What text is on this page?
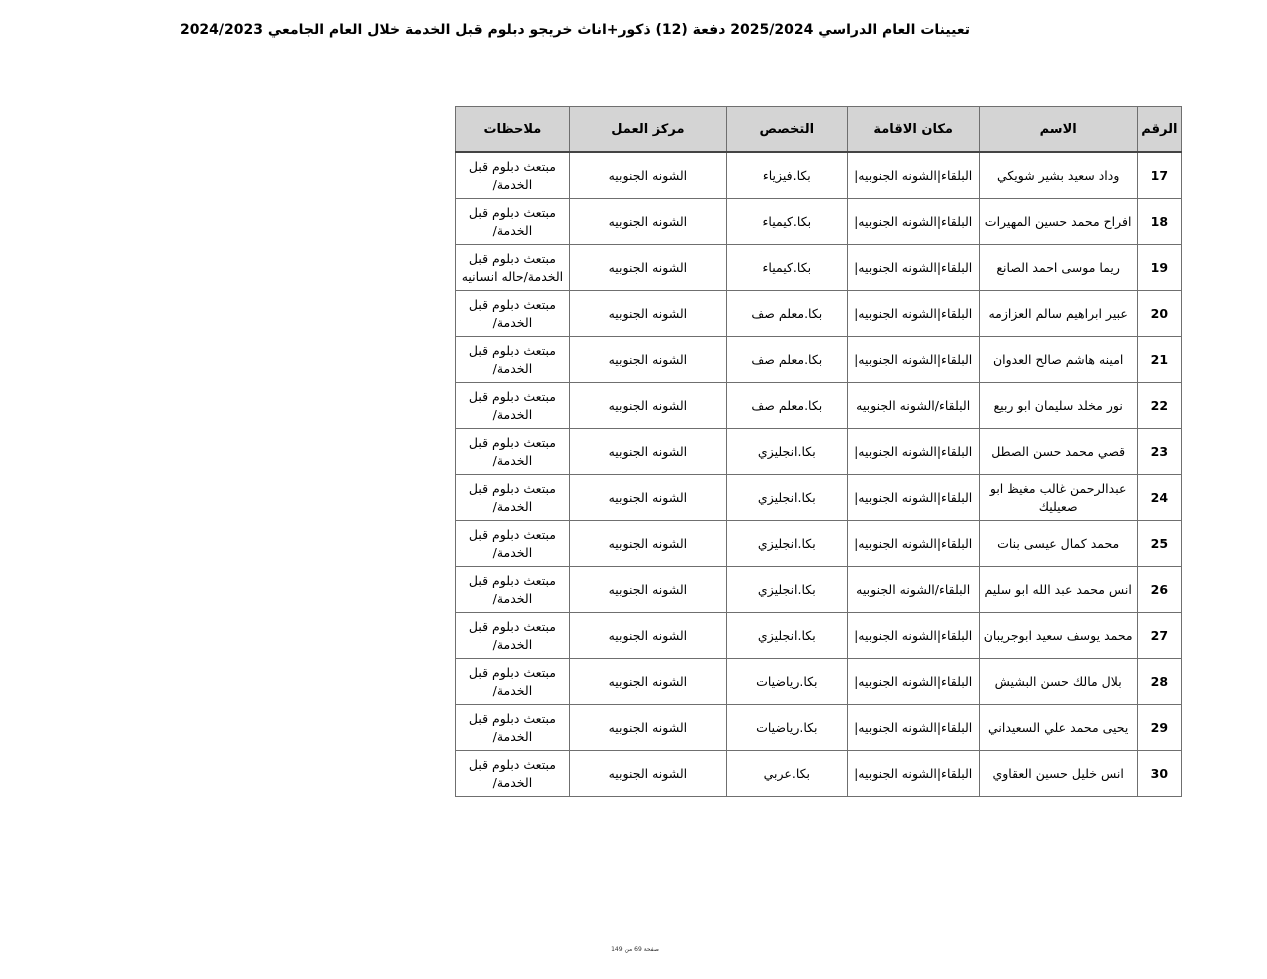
تعيينات العام الدراسي 2025/2024 دفعة (12) ذكور+اناث خريجو دبلوم قبل الخدمة خلال العام الجامعي 2024/2023
الرقم	الاسم	مكان الاقامة	التخصص	مركز العمل	ملاحظات
17	وداد سعيد بشير شويكي	البلقاء|الشونه الجنوبيه|	بكا.فيزياء	الشونه الجنوبيه	مبتعث دبلوم قبل الخدمة/
18	افراح محمد حسين المهيرات	البلقاء|الشونه الجنوبيه|	بكا.كيمياء	الشونه الجنوبيه	مبتعث دبلوم قبل الخدمة/
19	ريما موسى احمد الصانع	البلقاء|الشونه الجنوبيه|	بكا.كيمياء	الشونه الجنوبيه	مبتعث دبلوم قبل الخدمة/حاله انسانيه
20	عبير ابراهيم سالم العزازمه	البلقاء|الشونه الجنوبيه|	بكا.معلم صف	الشونه الجنوبيه	مبتعث دبلوم قبل الخدمة/
21	امينه هاشم صالح العدوان	البلقاء|الشونه الجنوبيه|	بكا.معلم صف	الشونه الجنوبيه	مبتعث دبلوم قبل الخدمة/
22	نور مخلد سليمان ابو ربيع	البلقاء/الشونه الجنوبيه	بكا.معلم صف	الشونه الجنوبيه	مبتعث دبلوم قبل الخدمة/
23	قصي محمد حسن الصطل	البلقاء|الشونه الجنوبيه|	بكا.انجليزي	الشونه الجنوبيه	مبتعث دبلوم قبل الخدمة/
24	عبدالرحمن غالب مغيظ ابو صعيليك	البلقاء|الشونه الجنوبيه|	بكا.انجليزي	الشونه الجنوبيه	مبتعث دبلوم قبل الخدمة/
25	محمد كمال عيسى بنات	البلقاء|الشونه الجنوبيه|	بكا.انجليزي	الشونه الجنوبيه	مبتعث دبلوم قبل الخدمة/
26	انس محمد عبد الله ابو سليم	البلقاء/الشونه الجنوبيه	بكا.انجليزي	الشونه الجنوبيه	مبتعث دبلوم قبل الخدمة/
27	محمد يوسف سعيد ابوجريبان	البلقاء|الشونه الجنوبيه|	بكا.انجليزي	الشونه الجنوبيه	مبتعث دبلوم قبل الخدمة/
28	بلال مالك حسن البشيش	البلقاء|الشونه الجنوبيه|	بكا.رياضيات	الشونه الجنوبيه	مبتعث دبلوم قبل الخدمة/
29	يحيى محمد علي السعيداني	البلقاء|الشونه الجنوبيه|	بكا.رياضيات	الشونه الجنوبيه	مبتعث دبلوم قبل الخدمة/
30	انس خليل حسين العقاوي	البلقاء|الشونه الجنوبيه|	بكا.عربي	الشونه الجنوبيه	مبتعث دبلوم قبل الخدمة/
صفحة 69 من 149
